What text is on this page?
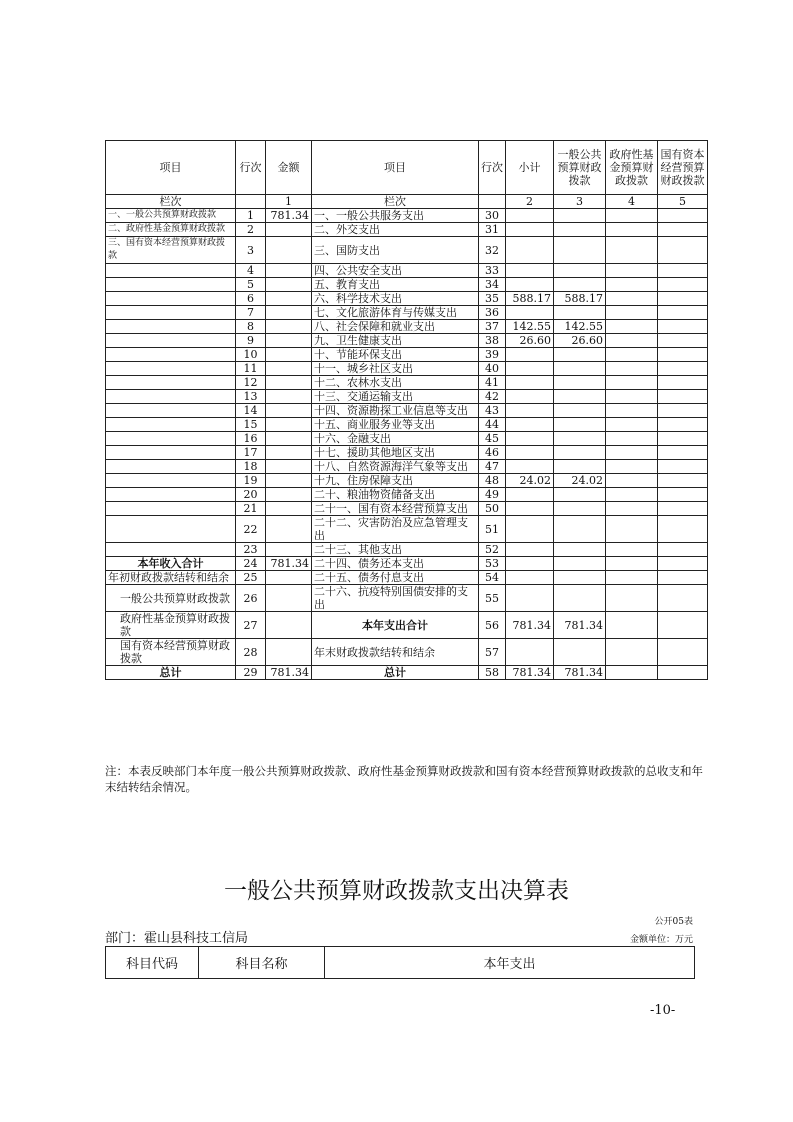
项目	行次	金额	项目	行次	小计	一般公共预算财政拨款	政府性基金预算财政拨款	国有资本经营预算财政拨款
栏次		1	栏次		2	3	4	5
一、一般公共预算财政拨款	1	781.34	一、一般公共服务支出	30				
二、政府性基金预算财政拨款	2		二、外交支出	31				
三、国有资本经营预算财政拨款	3		三、国防支出	32				
	4		四、公共安全支出	33				
	5		五、教育支出	34				
	6		六、科学技术支出	35	588.17	588.17		
	7		七、文化旅游体育与传媒支出	36				
	8		八、社会保障和就业支出	37	142.55	142.55		
	9		九、卫生健康支出	38	26.60	26.60		
	10		十、节能环保支出	39				
	11		十一、城乡社区支出	40				
	12		十二、农林水支出	41				
	13		十三、交通运输支出	42				
	14		十四、资源勘探工业信息等支出	43				
	15		十五、商业服务业等支出	44				
	16		十六、金融支出	45				
	17		十七、援助其他地区支出	46				
	18		十八、自然资源海洋气象等支出	47				
	19		十九、住房保障支出	48	24.02	24.02		
	20		二十、粮油物资储备支出	49				
	21		二十一、国有资本经营预算支出	50				
	22		二十二、灾害防治及应急管理支出	51				
	23		二十三、其他支出	52				
本年收入合计	24	781.34	二十四、债务还本支出	53				
年初财政拨款结转和结余	25		二十五、债务付息支出	54				
一般公共预算财政拨款	26		二十六、抗疫特别国债安排的支出	55				
政府性基金预算财政拨款	27		本年支出合计	56	781.34	781.34		
国有资本经营预算财政拨款	28		年末财政拨款结转和结余	57				
总计	29	781.34	总计	58	781.34	781.34		
注：本表反映部门本年度一般公共预算财政拨款、政府性基金预算财政拨款和国有资本经营预算财政拨款的总收支和年末结转结余情况。
一般公共预算财政拨款支出决算表
公开05表
部门：霍山县科技工信局	金额单位：万元
科目代码	科目名称	本年支出
-10-
